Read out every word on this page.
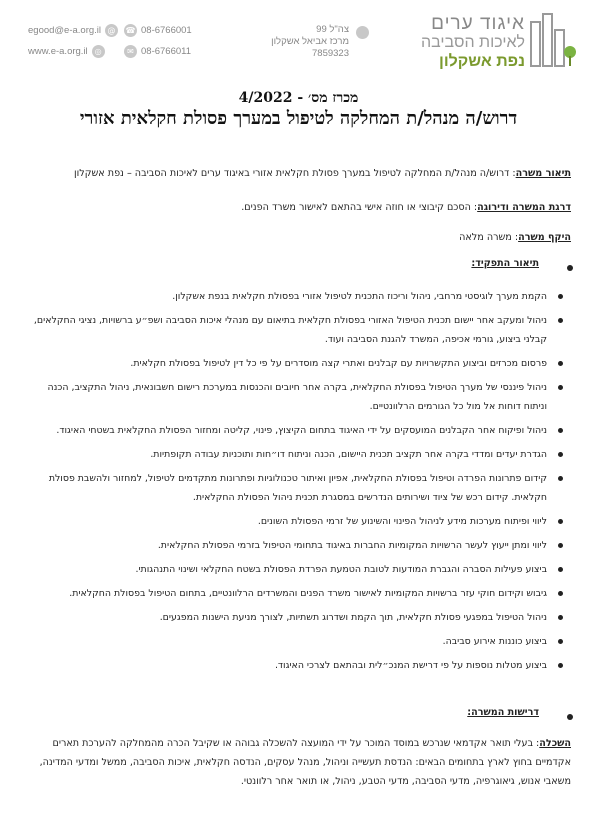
איגוד ערים
לאיכות הסביבה
נפת אשקלון
צה"ל 99
מרכז אביאל אשקלון
7859323
☎ 08-6766001
✉ 08-6766011
egood@e-a.org.il @
www.e-a.org.il ◎
מכרז מס׳ - 4/2022
דרוש/ה מנהל/ת המחלקה לטיפול במערך פסולת חקלאית אזורי
תיאור משרה: דרוש/ה מנהל/ת המחלקה לטיפול במערך פסולת חקלאית אזורי באיגוד ערים לאיכות הסביבה – נפת אשקלון
דרגת המשרה ודירוגה: הסכם קיבוצי או חוזה אישי בהתאם לאישור משרד הפנים.
היקף משרה: משרה מלאה
תיאור התפקיד:
הקמת מערך לוגיסטי מרחבי, ניהול וריכוז התכנית לטיפול אזורי בפסולת חקלאית בנפת אשקלון.
ניהול ומעקב אחר יישום תכנית הטיפול האזורי בפסולת חקלאית בתיאום עם מנהלי איכות הסביבה ושפ״ע ברשויות, נציגי החקלאים, קבלני ביצוע, גורמי אכיפה, המשרד להגנת הסביבה ועוד.
פרסום מכרזים וביצוע התקשרויות עם קבלנים ואתרי קצה מוסדרים על פי כל דין לטיפול בפסולת חקלאית.
ניהול פיננסי של מערך הטיפול בפסולת החקלאית, בקרה אחר חיובים והכנסות במערכת רישום חשבונאית, ניהול התקציב, הכנה וניתוח דוחות אל מול כל הגורמים הרלוונטיים.
ניהול ופיקוח אחר הקבלנים המועסקים על ידי האיגוד בתחום הקיצוץ, פינוי, קליטה ומחזור הפסולת החקלאית בשטחי האיגוד.
הגדרת יעדים ומדדי בקרה אחר תקציב תכנית היישום, הכנה וניתוח דו״חות ותוכניות עבודה תקופתיות.
קידום פתרונות הפרדה וטיפול בפסולת החקלאית, אפיון ואיתור טכנולוגיות ופתרונות מתקדמים לטיפול, למחזור ולהשבת פסולת חקלאית. קידום רכש של ציוד ושירותים הנדרשים במסגרת תכנית ניהול הפסולת החקלאית.
ליווי ופיתוח מערכות מידע לניהול הפינוי והשינוע של זרמי הפסולת השונים.
ליווי ומתן ייעוץ לעשר הרשויות המקומיות החברות באיגוד בתחומי הטיפול בזרמי הפסולת החקלאית.
ביצוע פעילות הסברה והגברת המודעות לטובת הטמעת הפרדת הפסולת בשטח החקלאי ושינוי התנהגותי.
גיבוש וקידום חוקי עזר ברשויות המקומיות לאישור משרד הפנים והמשרדים הרלוונטיים, בתחום הטיפול בפסולת החקלאית.
ניהול הטיפול במפגעי פסולת חקלאית, תוך הקמת ושדרוג תשתיות, לצורך מניעת הישנות המפגעים.
ביצוע כוננות אירוע סביבה.
ביצוע מטלות נוספות על פי דרישת המנכ״לית ובהתאם לצרכי האיגוד.
דרישות המשרה:
השכלה: בעלי תואר אקדמאי שנרכש במוסד המוכר על ידי המועצה להשכלה גבוהה או שקיבל הכרה מהמחלקה להערכת תארים אקדמיים בחוץ לארץ בתחומים הבאים: הנדסת תעשייה וניהול, מנהל עסקים, הנדסה חקלאית, איכות הסביבה, ממשל ומדעי המדינה, משאבי אנוש, גיאוגרפיה, מדעי הסביבה, מדעי הטבע, ניהול, או תואר אחר רלוונטי.
